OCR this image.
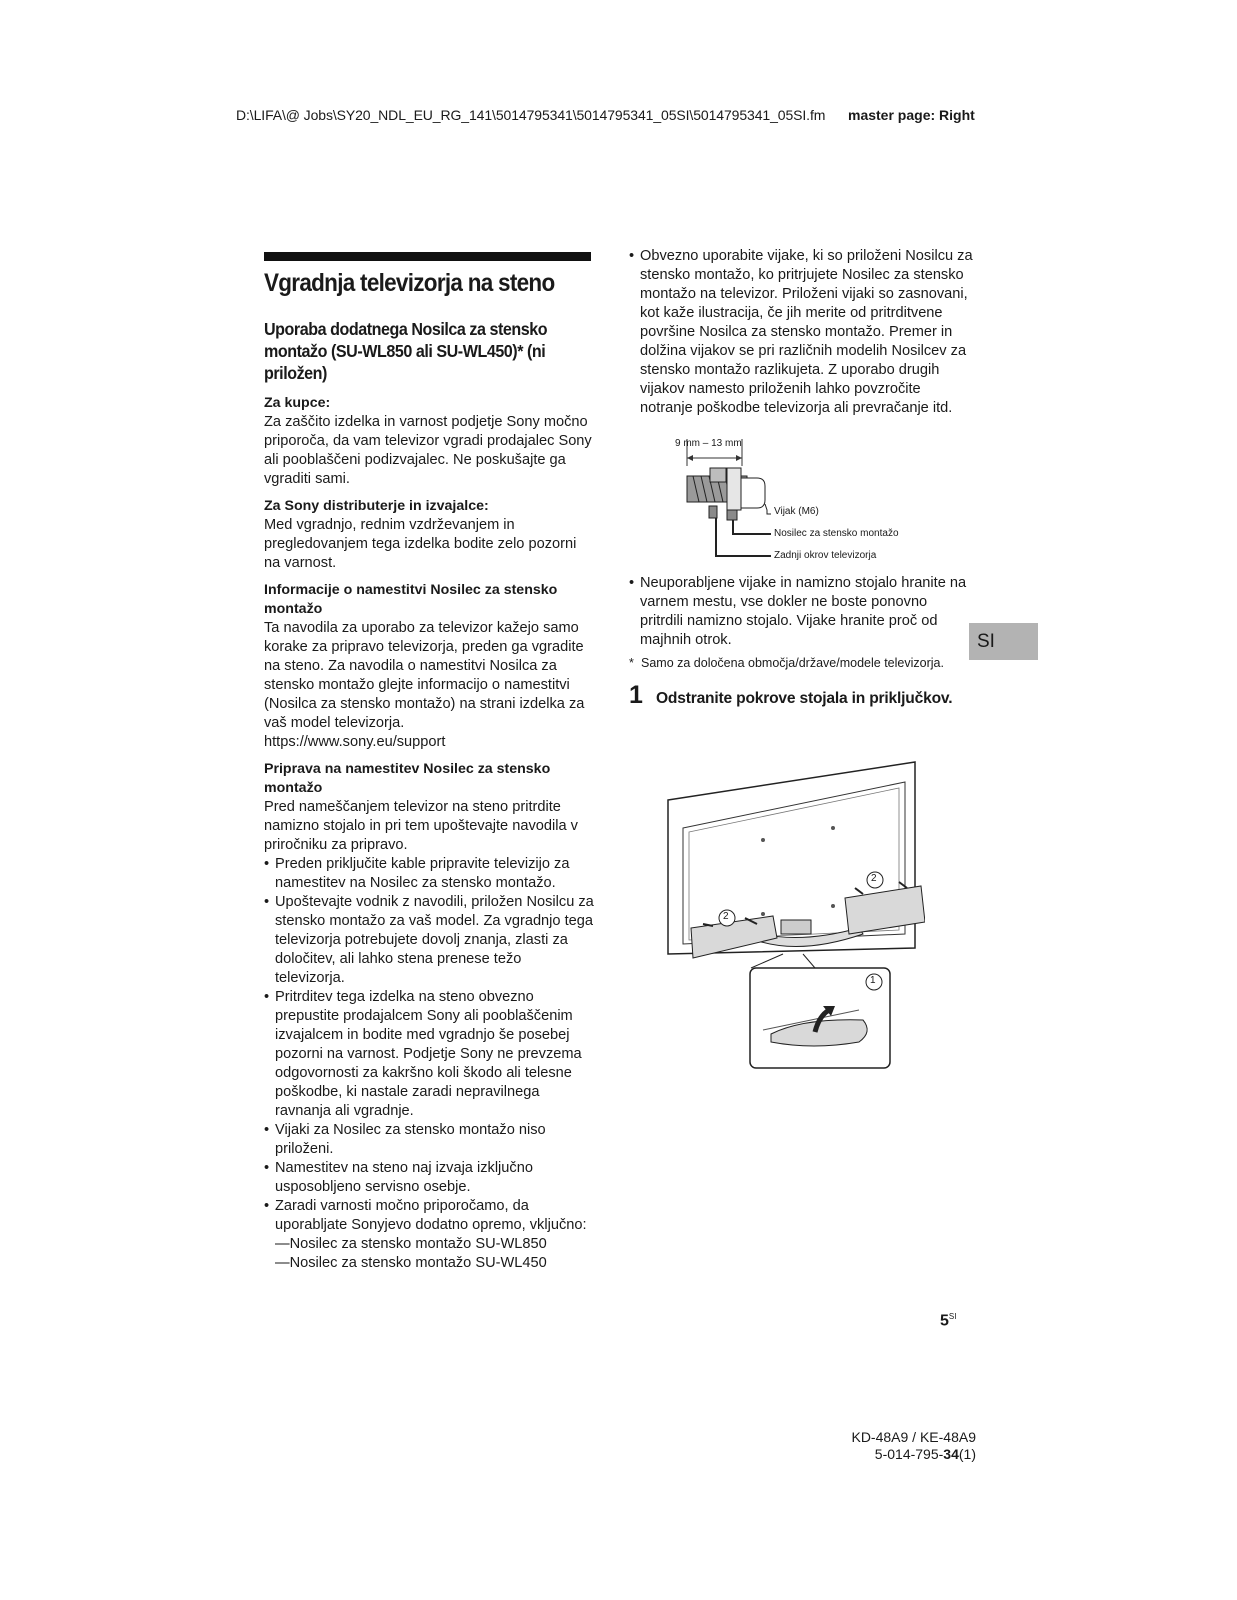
D:\LIFA\@ Jobs\SY20_NDL_EU_RG_141\5014795341\5014795341_05SI\5014795341_05SI.fm master page: Right
Vgradnja televizorja na steno
Uporaba dodatnega Nosilca za stensko montažo (SU-WL850 ali SU-WL450)* (ni priložen)
Za kupce:
Za zaščito izdelka in varnost podjetje Sony močno priporoča, da vam televizor vgradi prodajalec Sony ali pooblaščeni podizvajalec. Ne poskušajte ga vgraditi sami.
Za Sony distributerje in izvajalce:
Med vgradnjo, rednim vzdrževanjem in pregledovanjem tega izdelka bodite zelo pozorni na varnost.
Informacije o namestitvi Nosilec za stensko montažo
Ta navodila za uporabo za televizor kažejo samo korake za pripravo televizorja, preden ga vgradite na steno. Za navodila o namestitvi Nosilca za stensko montažo glejte informacijo o namestitvi (Nosilca za stensko montažo) na strani izdelka za vaš model televizorja.
https://www.sony.eu/support
Priprava na namestitev Nosilec za stensko montažo
Pred nameščanjem televizor na steno pritrdite namizno stojalo in pri tem upoštevajte navodila v priročniku za pripravo.
• Preden priključite kable pripravite televizijo za namestitev na Nosilec za stensko montažo.
• Upoštevajte vodnik z navodili, priložen Nosilcu za stensko montažo za vaš model. Za vgradnjo tega televizorja potrebujete dovolj znanja, zlasti za določitev, ali lahko stena prenese težo televizorja.
• Pritrditev tega izdelka na steno obvezno prepustite prodajalcem Sony ali pooblaščenim izvajalcem in bodite med vgradnjo še posebej pozorni na varnost. Podjetje Sony ne prevzema odgovornosti za kakršno koli škodo ali telesne poškodbe, ki nastale zaradi nepravilnega ravnanja ali vgradnje.
• Vijaki za Nosilec za stensko montažo niso priloženi.
• Namestitev na steno naj izvaja izključno usposobljeno servisno osebje.
• Zaradi varnosti močno priporočamo, da uporabljate Sonyjevo dodatno opremo, vključno:
—Nosilec za stensko montažo SU-WL850
—Nosilec za stensko montažo SU-WL450
• Obvezno uporabite vijake, ki so priloženi Nosilcu za stensko montažo, ko pritrjujete Nosilec za stensko montažo na televizor. Priloženi vijaki so zasnovani, kot kaže ilustracija, če jih merite od pritrditvene površine Nosilca za stensko montažo. Premer in dolžina vijakov se pri različnih modelih Nosilcev za stensko montažo razlikujeta. Z uporabo drugih vijakov namesto priloženih lahko povzročite notranje poškodbe televizorja ali prevračanje itd.
9 mm – 13 mm
Vijak (M6)
Nosilec za stensko montažo
Zadnji okrov televizorja
• Neuporabljene vijake in namizno stojalo hranite na varnem mestu, vse dokler ne boste ponovno pritrdili namizno stojalo. Vijake hranite proč od majhnih otrok.
* Samo za določena območja/države/modele televizorja.
1 Odstranite pokrove stojala in priključkov.
2
2
1
SI
$5^{SI}$
KD-48A9 / KE-48A9
5-014-795-34(1)
